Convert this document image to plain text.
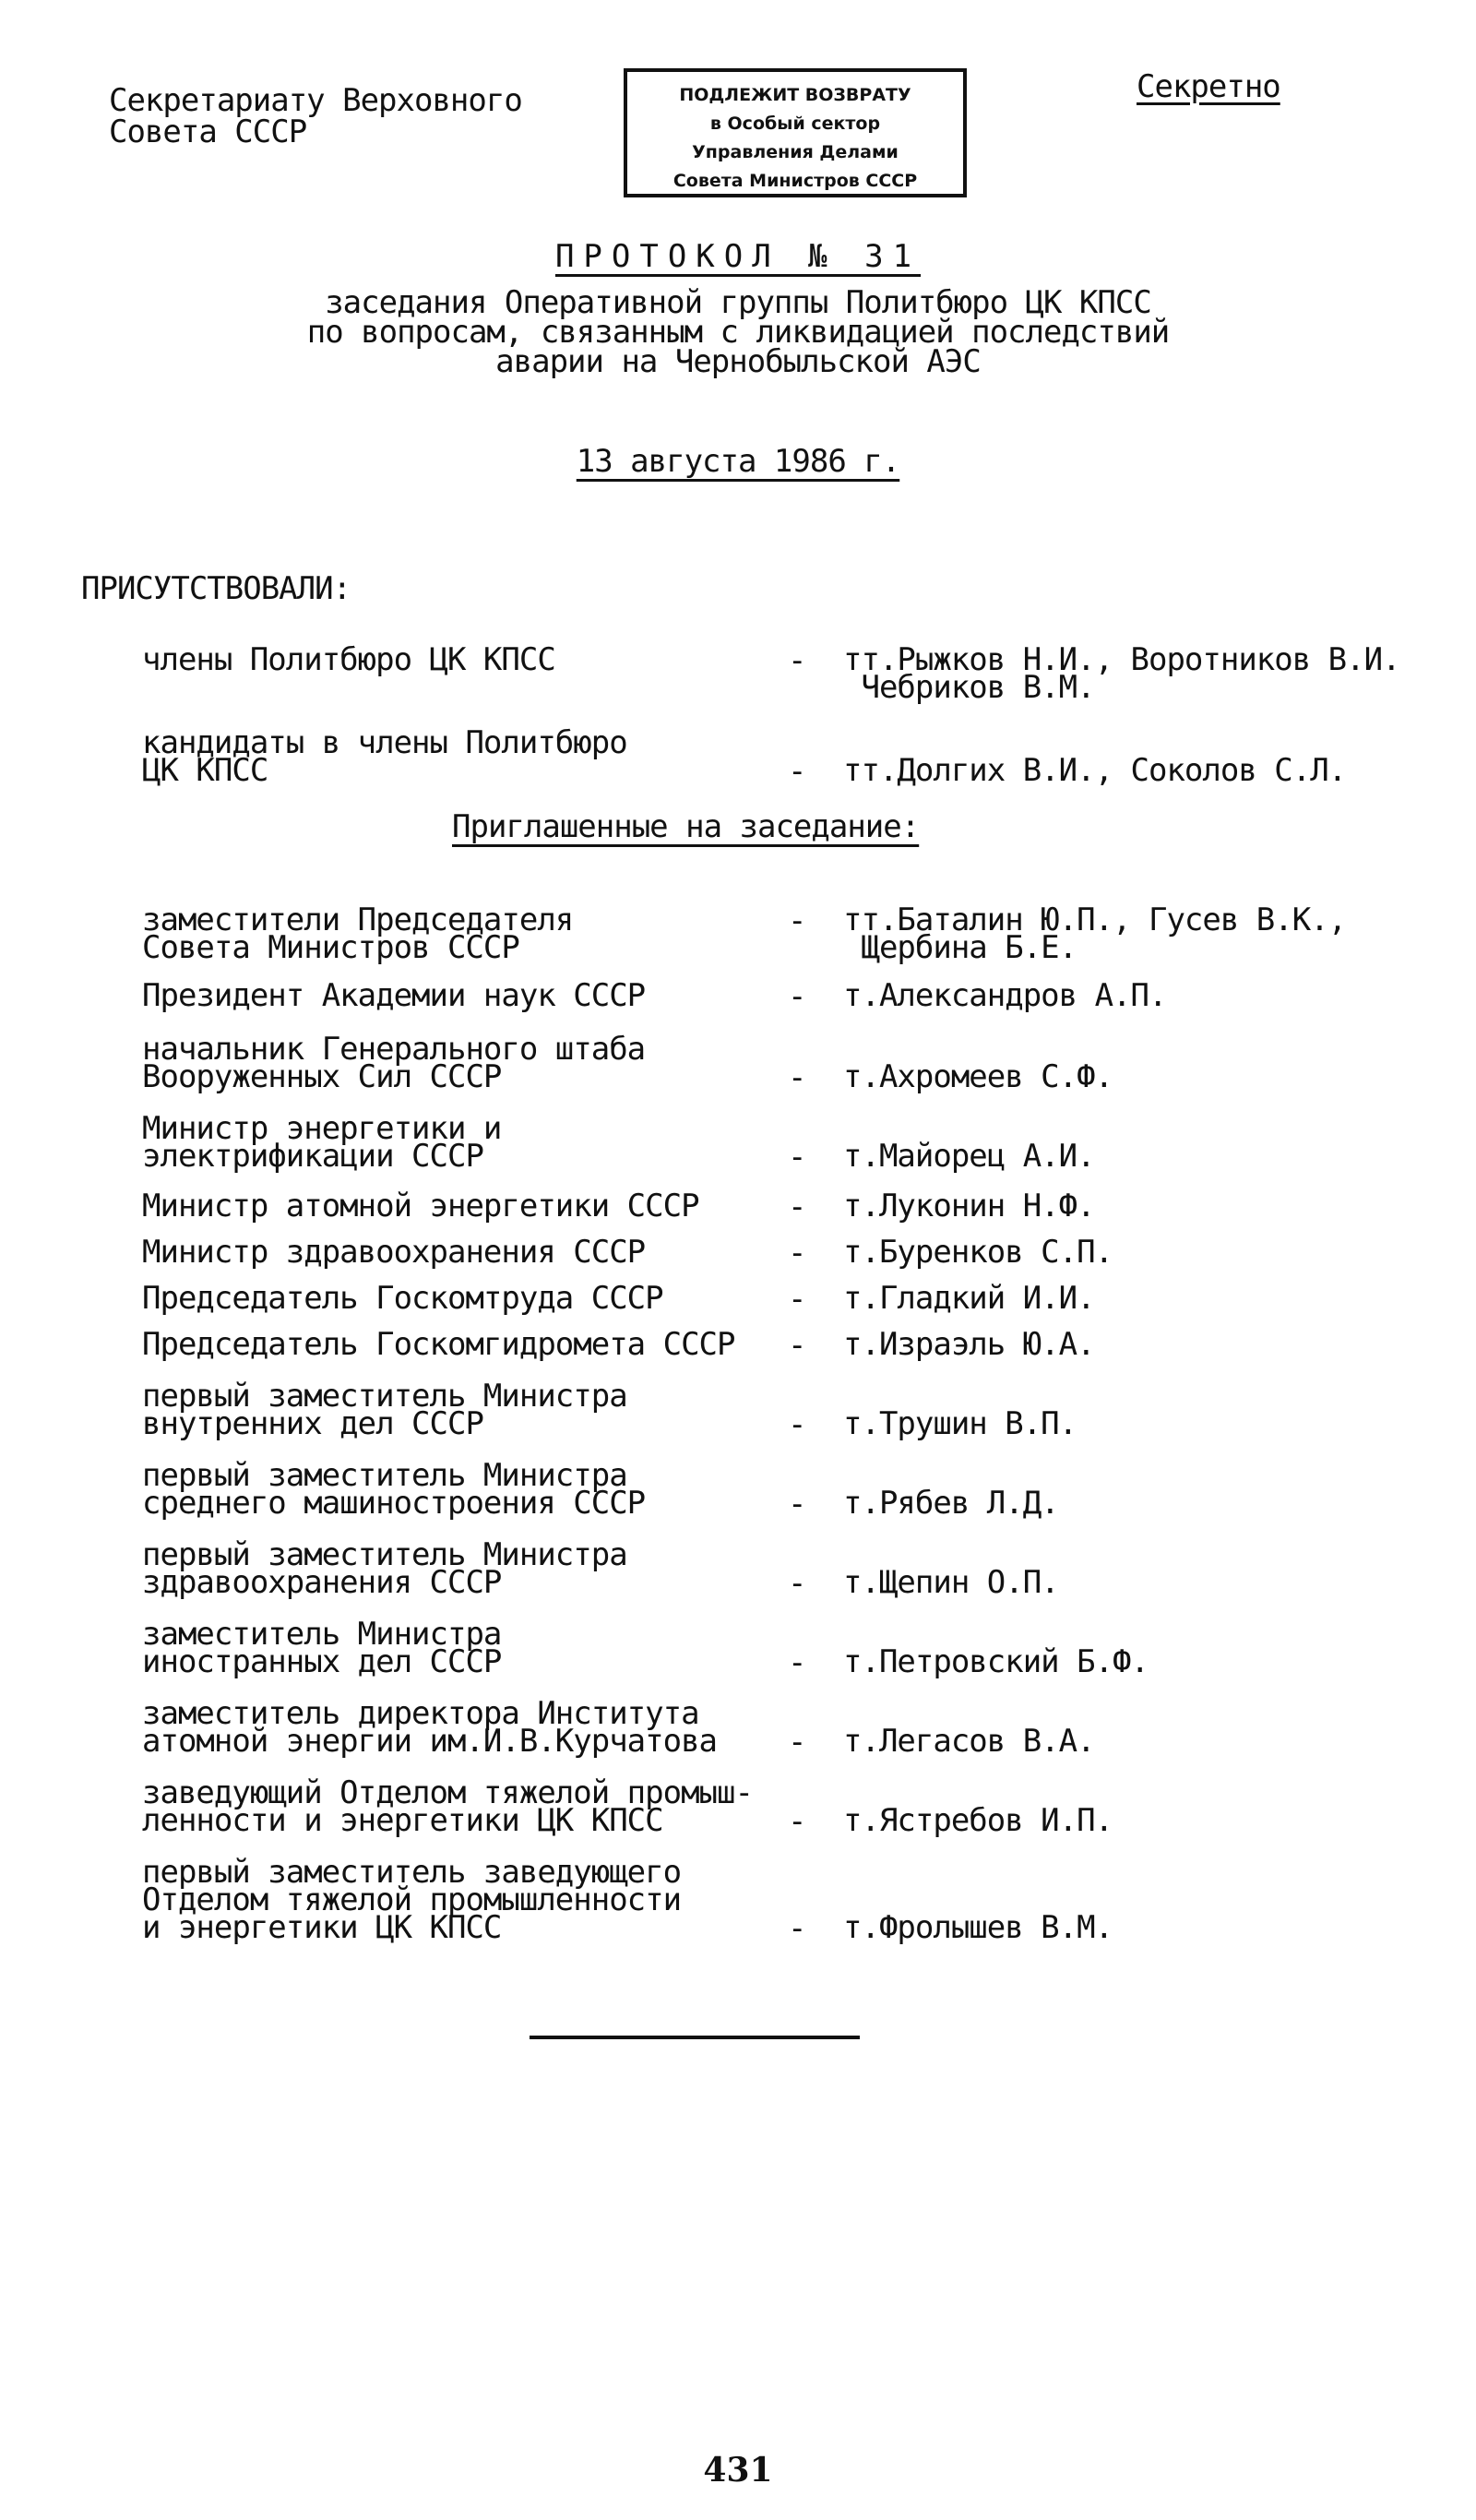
Секретариату Верховного
Совета СССР
ПОДЛЕЖИТ ВОЗВРАТУ
в Особый сектор
Управления Делами
Совета Министров СССР
Секретно
ПРОТОКОЛ № 31
заседания Оперативной группы Политбюро ЦК КПСС
по вопросам, связанным с ликвидацией последствий
аварии на Чернобыльской АЭС
13 августа 1986 г.
ПРИСУТСТВОВАЛИ:
члены Политбюро ЦК КПСС	- тт.Рыжков Н.И., Воротников В.И.
Чебриков В.М.
кандидаты в члены Политбюро
ЦК КПСС	- тт.Долгих В.И., Соколов С.Л.
Приглашенные на заседание:
заместители Председателя
Совета Министров СССР
- тт.Баталин Ю.П., Гусев В.К.,
Щербина Б.Е.
Президент Академии наук СССР	- т.Александров А.П.
начальник Генерального штаба
Вооруженных Сил СССР	- т.Ахромеев С.Ф.
Министр энергетики и
электрификации СССР	- т.Майорец А.И.
Министр атомной энергетики СССР	- т.Луконин Н.Ф.
Министр здравоохранения СССР	- т.Буренков С.П.
Председатель Госкомтруда СССР	- т.Гладкий И.И.
Председатель Госкомгидромета СССР	- т.Израэль Ю.А.
первый заместитель Министра
внутренних дел СССР	- т.Трушин В.П.
первый заместитель Министра
среднего машиностроения СССР	- т.Рябев Л.Д.
первый заместитель Министра
здравоохранения СССР	- т.Щепин О.П.
заместитель Министра
иностранных дел СССР	- т.Петровский Б.Ф.
заместитель директора Института
атомной энергии им.И.В.Курчатова	- т.Легасов В.А.
заведующий Отделом тяжелой промыш-
ленности и энергетики ЦК КПСС	- т.Ястребов И.П.
первый заместитель заведующего
Отделом тяжелой промышленности
и энергетики ЦК КПСС	- т.Фролышев В.М.
431
